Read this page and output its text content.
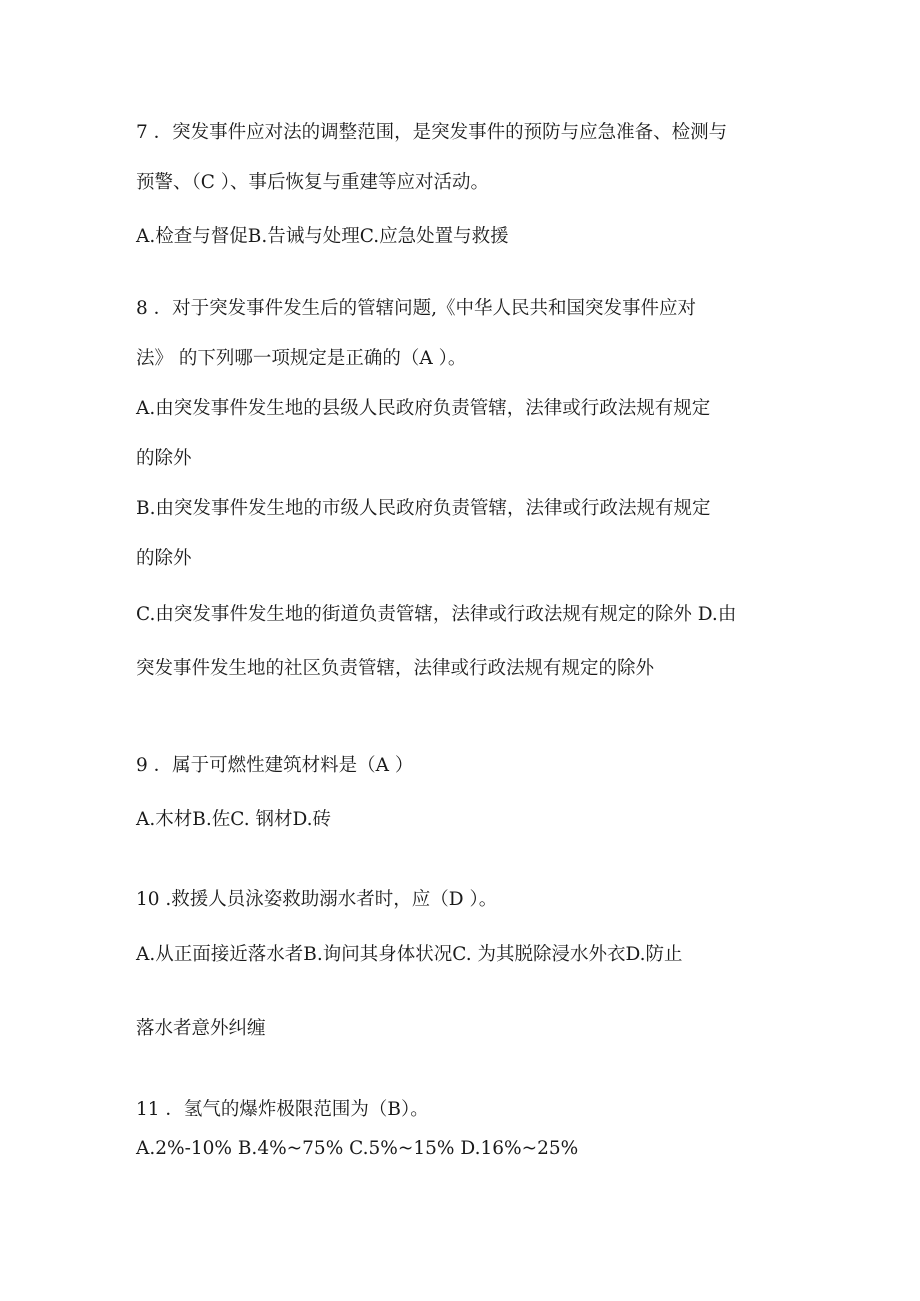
7 ．突发事件应对法的调整范围，是突发事件的预防与应急准备、检测与
预警、（C ）、事后恢复与重建等应对活动。
A.检查与督促B.告诫与处理C.应急处置与救援
8 ．对于突发事件发生后的管辖问题,《中华人民共和国突发事件应对
法》 的下列哪一项规定是正确的（A ）。
A.由突发事件发生地的县级人民政府负责管辖，法律或行政法规有规定
的除外
B.由突发事件发生地的市级人民政府负责管辖，法律或行政法规有规定
的除外
C.由突发事件发生地的街道负责管辖，法律或行政法规有规定的除外 D.由
突发事件发生地的社区负责管辖，法律或行政法规有规定的除外
9 ．属于可燃性建筑材料是（A ）
A.木材B.佐C. 钢材D.砖
10 .救援人员泳姿救助溺水者时，应（D ）。
A.从正面接近落水者B.询问其身体状况C. 为其脱除浸水外衣D.防止
落水者意外纠缠
11 ．氢气的爆炸极限范围为（B）。
A.2%-10% B.4%~75% C.5%~15% D.16%~25%
